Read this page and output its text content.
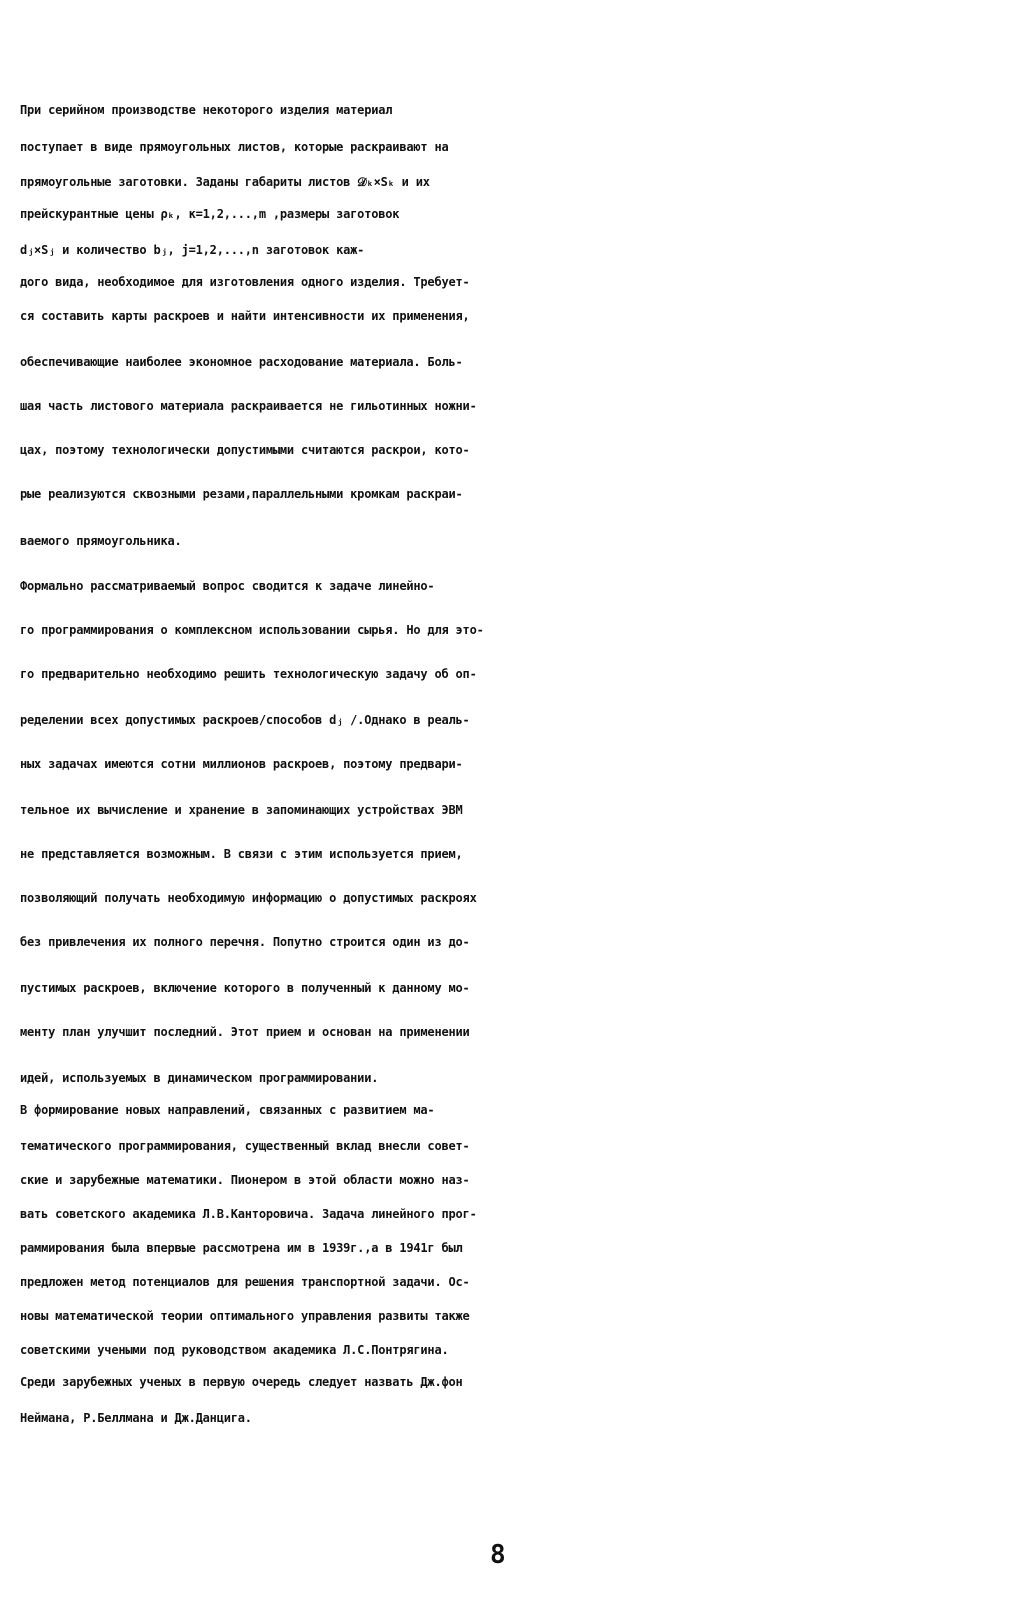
При серийном производстве некоторого изделия материал
поступает в виде прямоугольных листов, которые раскраивают на
прямоугольные заготовки. Заданы габариты листов 𝒟ₖ×Sₖ и их
прейскурантные цены ρₖ, к=1,2,...,m ,размеры заготовок
dⱼ×Sⱼ и количество bⱼ, j=1,2,...,n заготовок каж-
дого вида, необходимое для изготовления одного изделия. Требует-
ся составить карты раскроев и найти интенсивности их применения,
обеспечивающие наиболее экономное расходование материала. Боль-
шая часть листового материала раскраивается не гильотинных ножни-
цах, поэтому технологически допустимыми считаются раскрои, кото-
рые реализуются сквозными резами,параллельными кромкам раскраи-
ваемого прямоугольника.
Формально рассматриваемый вопрос сводится к задаче линейно-
го программирования о комплексном использовании сырья. Но для это-
го предварительно необходимо решить технологическую задачу об оп-
ределении всех допустимых раскроев/способов dⱼ /.Однако в реаль-
ных задачах имеются сотни миллионов раскроев, поэтому предвари-
тельное их вычисление и хранение в запоминающих устройствах ЭВМ
не представляется возможным. В связи с этим используется прием,
позволяющий получать необходимую информацию о допустимых раскроях
без привлечения их полного перечня. Попутно строится один из до-
пустимых раскроев, включение которого в полученный к данному мо-
менту план улучшит последний. Этот прием и основан на применении
идей, используемых в динамическом программировании.
В формирование новых направлений, связанных с развитием ма-
тематического программирования, существенный вклад внесли совет-
ские и зарубежные математики. Пионером в этой области можно наз-
вать советского академика Л.В.Канторовича. Задача линейного прог-
раммирования была впервые рассмотрена им в 1939г.,а в 1941г был
предложен метод потенциалов для решения транспортной задачи. Ос-
новы математической теории оптимального управления развиты также
советскими учеными под руководством академика Л.С.Понтрягина.
Среди зарубежных ученых в первую очередь следует назвать Дж.фон
Неймана, Р.Беллмана и Дж.Данцига.
8
